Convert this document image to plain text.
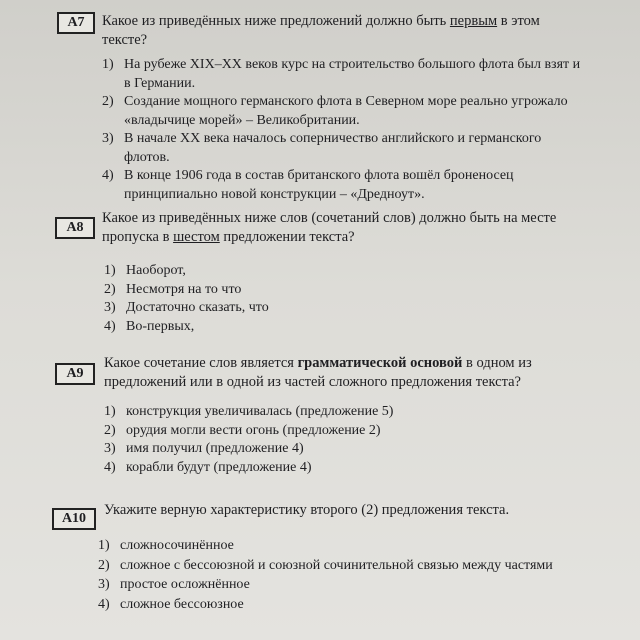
A7	Какое из приведённых ниже предложений должно быть первым в этом тексте?

1) На рубеже XIX–XX веков курс на строительство большого флота был взят и в Германии.
2) Создание мощного германского флота в Северном море реально угрожало «владычице морей» – Великобритании.
3) В начале XX века началось соперничество английского и германского флотов.
4) В конце 1906 года в состав британского флота вошёл броненосец принципиально новой конструкции – «Дредноут».
A8

Какое из приведённых ниже слов (сочетаний слов) должно быть на месте пропуска в шестом предложении текста?

1) Наоборот,
2) Несмотря на то что
3) Достаточно сказать, что
4) Во-первых,
A9

Какое сочетание слов является грамматической основой в одном из предложений или в одной из частей сложного предложения текста?

1) конструкция увеличивалась (предложение 5)
2) орудия могли вести огонь (предложение 2)
3) имя получил (предложение 4)
4) корабли будут (предложение 4)
A10

Укажите верную характеристику второго (2) предложения текста.

1) сложносочинённое
2) сложное с бессоюзной и союзной сочинительной связью между частями
3) простое осложнённое
4) сложное бессоюзное
